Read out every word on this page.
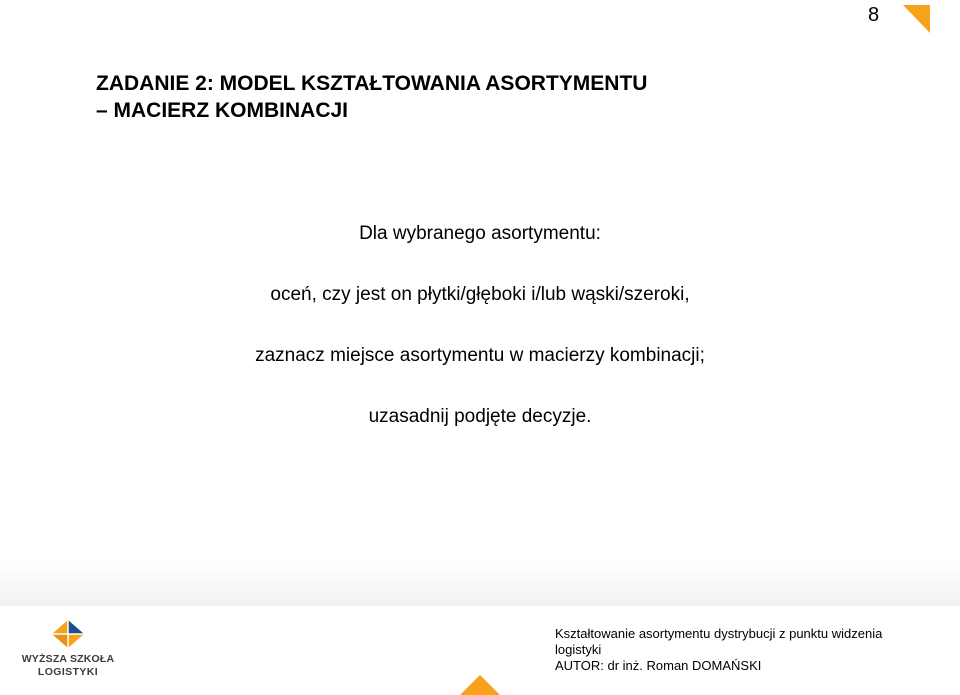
8
ZADANIE 2: MODEL KSZTAŁTOWANIA ASORTYMENTU
– MACIERZ KOMBINACJI
Dla wybranego asortymentu:
oceń, czy jest on płytki/głęboki i/lub wąski/szeroki,
zaznacz miejsce asortymentu w macierzy kombinacji;
uzasadnij podjęte decyzje.
WYŻSZA SZKOŁA
LOGISTYKI
Kształtowanie asortymentu dystrybucji z punktu widzenia
logistyki
AUTOR: dr inż. Roman DOMAŃSKI
